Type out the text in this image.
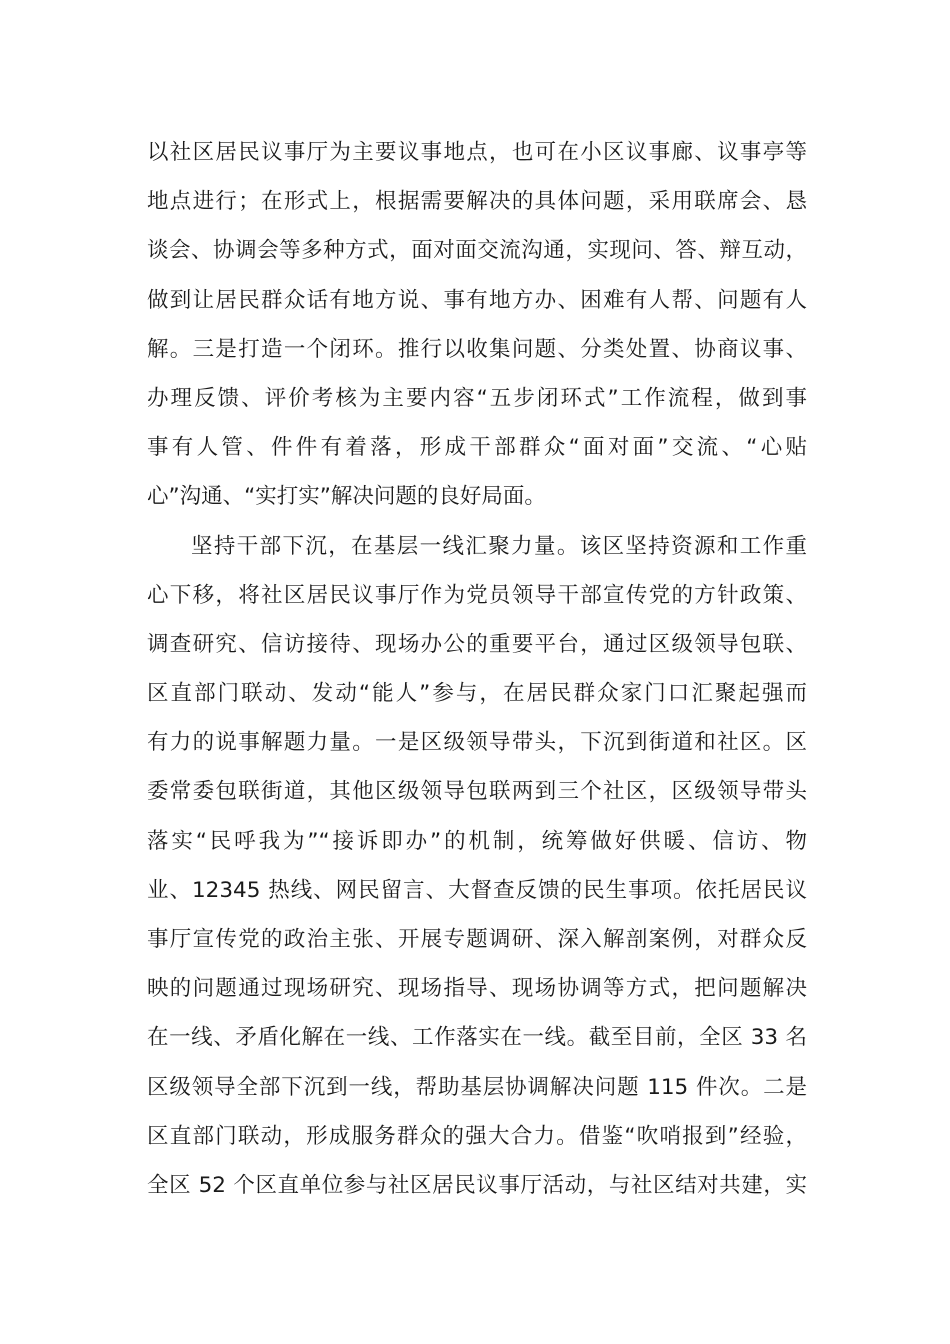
以社区居民议事厅为主要议事地点，也可在小区议事廊、议事亭等
地点进行；在形式上，根据需要解决的具体问题，采用联席会、恳
谈会、协调会等多种方式，面对面交流沟通，实现问、答、辩互动，
做到让居民群众话有地方说、事有地方办、困难有人帮、问题有人
解。三是打造一个闭环。推行以收集问题、分类处置、协商议事、
办理反馈、评价考核为主要内容“五步闭环式”工作流程，做到事
事有人管、件件有着落，形成干部群众“面对面”交流、“心贴
心”沟通、“实打实”解决问题的良好局面。
坚持干部下沉，在基层一线汇聚力量。该区坚持资源和工作重
心下移，将社区居民议事厅作为党员领导干部宣传党的方针政策、
调查研究、信访接待、现场办公的重要平台，通过区级领导包联、
区直部门联动、发动“能人”参与，在居民群众家门口汇聚起强而
有力的说事解题力量。一是区级领导带头，下沉到街道和社区。区
委常委包联街道，其他区级领导包联两到三个社区，区级领导带头
落实“民呼我为”“接诉即办”的机制，统筹做好供暖、信访、物
业、12345 热线、网民留言、大督查反馈的民生事项。依托居民议
事厅宣传党的政治主张、开展专题调研、深入解剖案例，对群众反
映的问题通过现场研究、现场指导、现场协调等方式，把问题解决
在一线、矛盾化解在一线、工作落实在一线。截至目前，全区 33 名
区级领导全部下沉到一线，帮助基层协调解决问题 115 件次。二是
区直部门联动，形成服务群众的强大合力。借鉴“吹哨报到”经验，
全区 52 个区直单位参与社区居民议事厅活动，与社区结对共建，实
